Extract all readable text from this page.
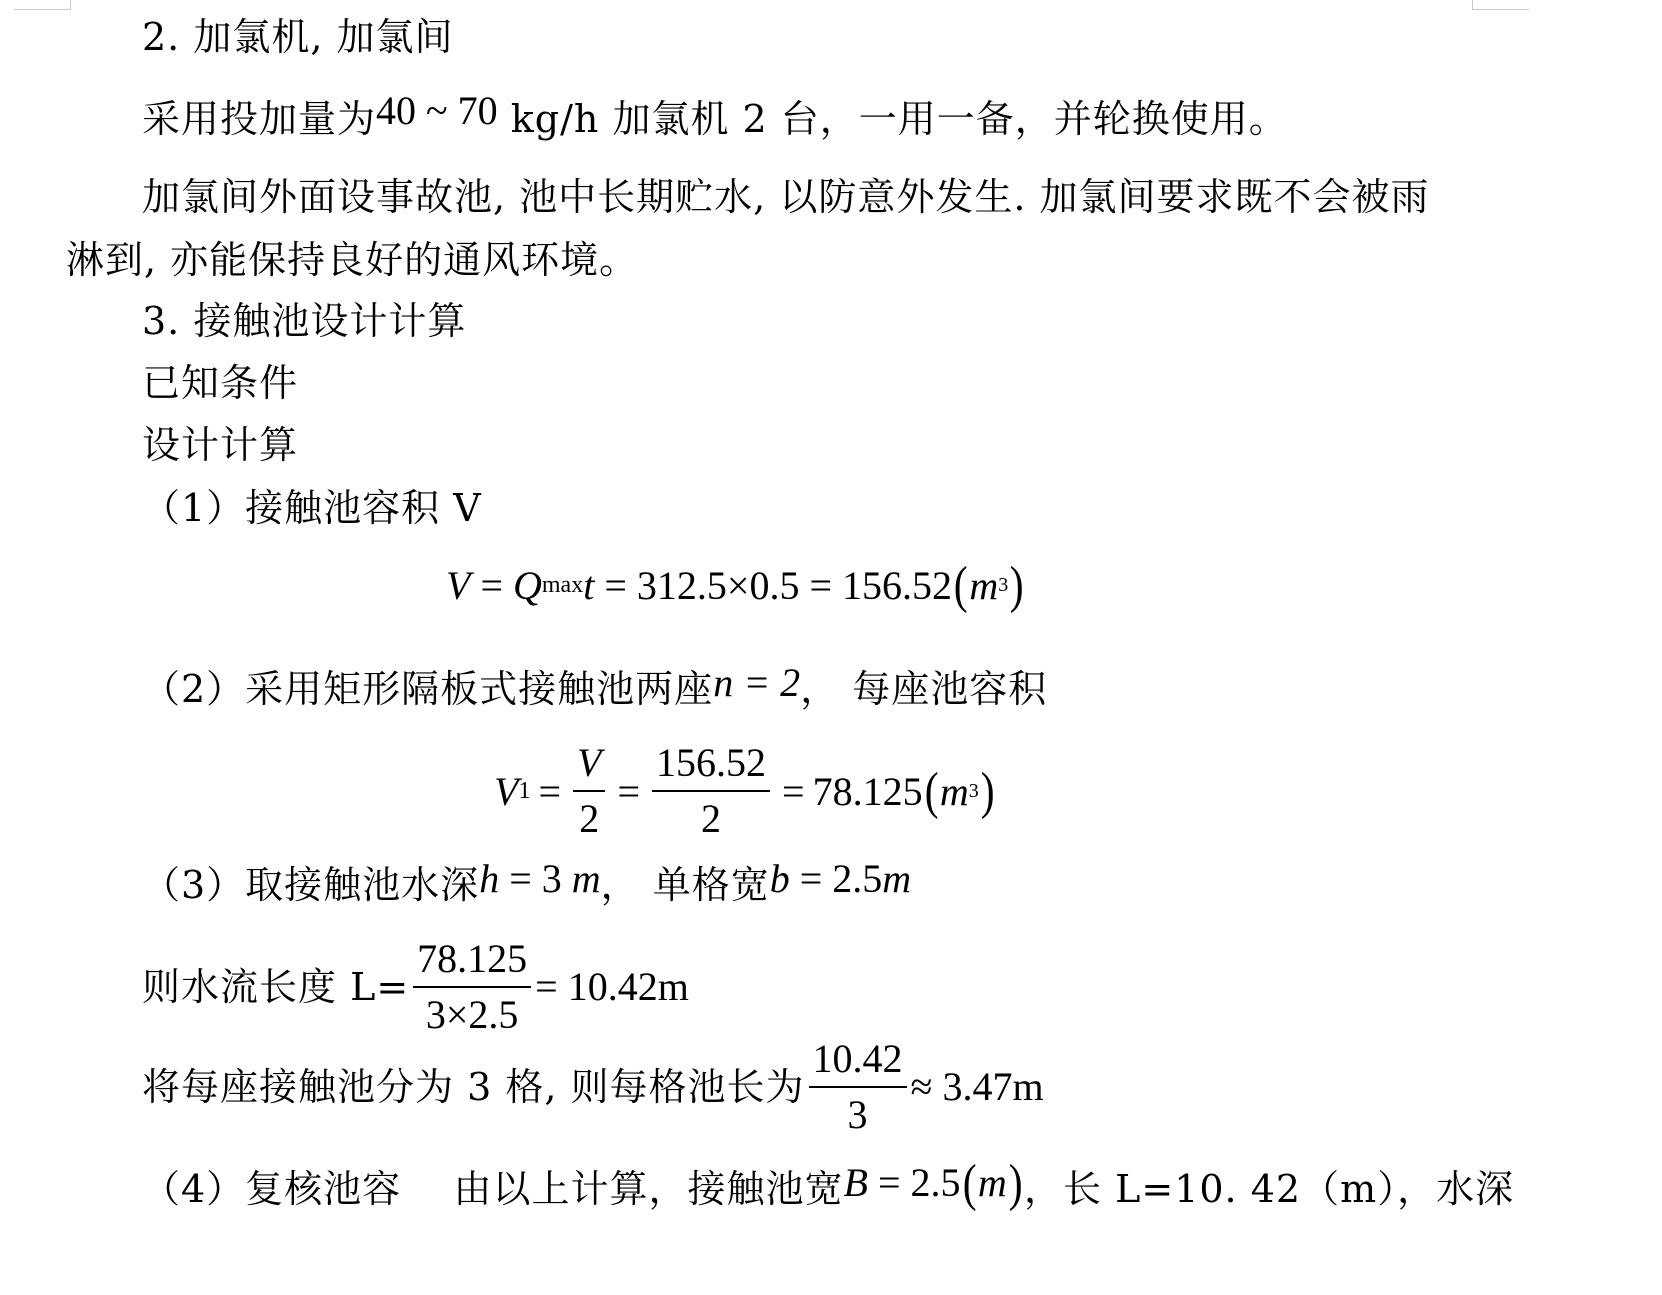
2. 加氯机, 加氯间
采用投加量为40 ~ 70 kg/h 加氯机 2 台，一用一备，并轮换使用。
加氯间外面设事故池, 池中长期贮水, 以防意外发生. 加氯间要求既不会被雨
淋到, 亦能保持良好的通风环境。
3. 接触池设计计算
已知条件
设计计算
（1）接触池容积 V
V = Q max t = 312.5×0.5 = 156.52 ( m 3 )
（2）采用矩形隔板式接触池两座n = 2， 每座池容积
V $1 = \frac{V}{2} = \frac{156.52}{2} = 78.125$ ( m 3 )
（3）取接触池水深h = 3 m， 单格宽b = 2.5m
则水流长度 $L= \frac{78.125}{3\times 2.5} = 10.42m$
将每座接触池分为 3 格, 则每格池长为 $\frac{10.42}{3} \approx 3.47m$
（4）复核池容    由以上计算，接触池宽B = 2.5(m)，长 L=10. 42（m），水深
